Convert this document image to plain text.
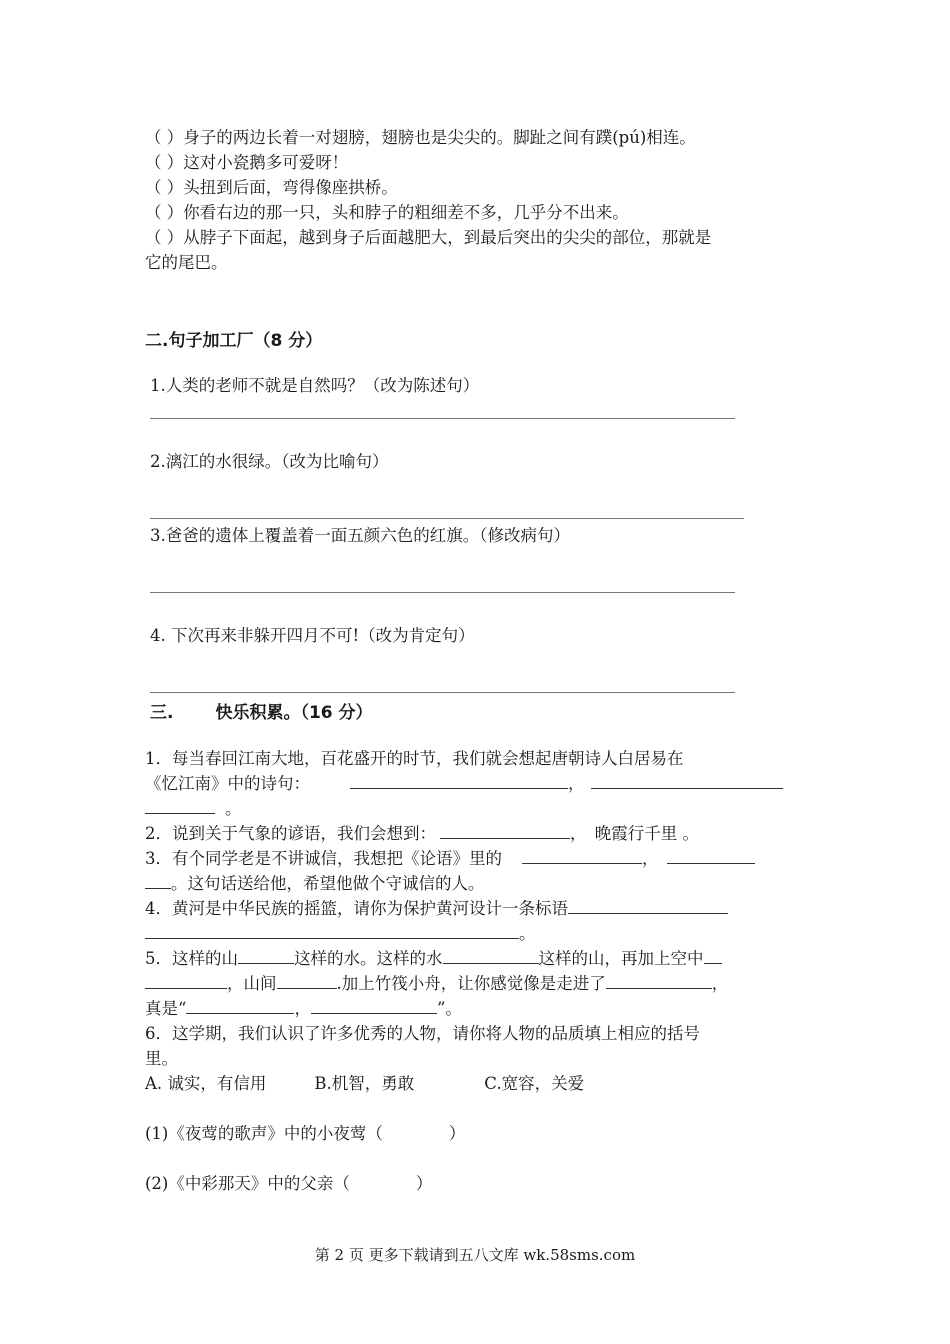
（ ）身子的两边长着一对翅膀，翅膀也是尖尖的。脚趾之间有蹼(pú)相连。
（ ）这对小瓷鹅多可爱呀！
（ ）头扭到后面，弯得像座拱桥。
（ ）你看右边的那一只，头和脖子的粗细差不多，几乎分不出来。
（ ）从脖子下面起，越到身子后面越肥大，到最后突出的尖尖的部位，那就是
它的尾巴。
二.句子加工厂（8 分）
1.人类的老师不就是自然吗？（改为陈述句）
2.漓江的水很绿。（改为比喻句）
3.爸爸的遗体上覆盖着一面五颜六色的红旗。（修改病句）
4. 下次再来非躲开四月不可!（改为肯定句）
三. 快乐积累。（16 分）
1．每当春回江南大地，百花盛开的时节，我们就会想起唐朝诗人白居易在
《忆江南》中的诗句：	，
。
2．说到关于气象的谚语，我们会想到：	，　晚霞行千里 。
3．有个同学老是不讲诚信，我想把《论语》里的	，
。这句话送给他，希望他做个守诚信的人。
4．黄河是中华民族的摇篮，请你为保护黄河设计一条标语
。
5．这样的山	这样的水。这样的水	这样的山，再加上空中
，山间	.加上竹筏小舟，让你感觉像是走进了	，
真是“	，	”。
6．这学期，我们认识了许多优秀的人物，请你将人物的品质填上相应的括号
里。
A. 诚实，有信用	B.机智，勇敢	C.宽容，关爱
(1)《夜莺的歌声》中的小夜莺（　　　　）
(2)《中彩那天》中的父亲（　　　　）
第 2 页 更多下载请到五八文库 wk.58sms.com
